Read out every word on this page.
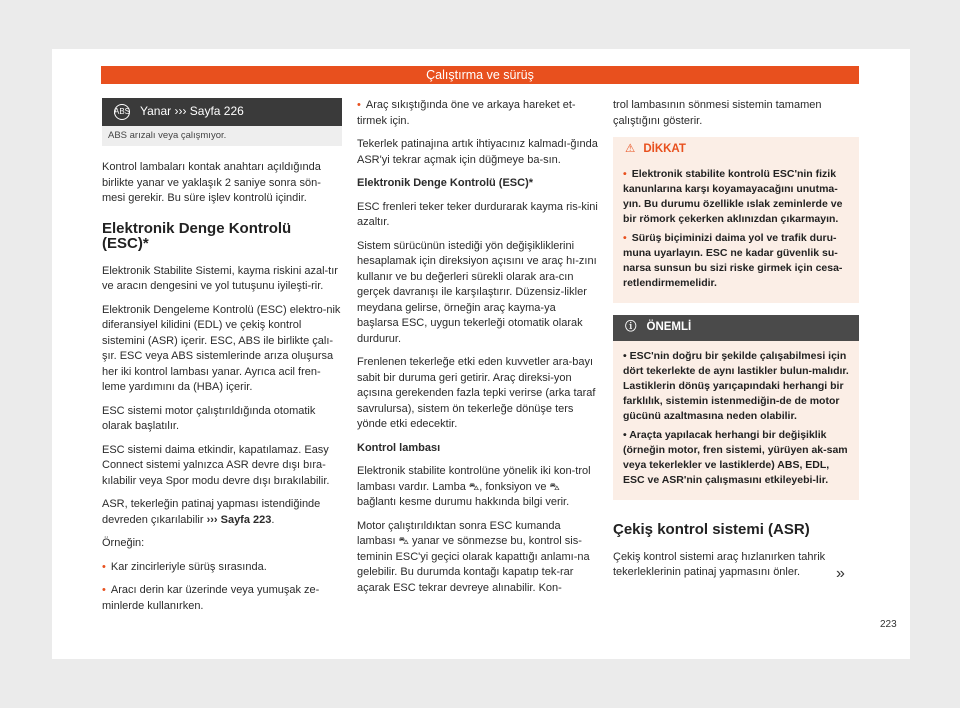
Çalıştırma ve sürüş
ABS Yanar ››› Sayfa 226
ABS arızalı veya çalışmıyor.

Kontrol lambaları kontak anahtarı açıldığında birlikte yanar ve yaklaşık 2 saniye sonra sön-mesi gerekir. Bu süre işlev kontrolü içindir.

Elektronik Denge Kontrolü (ESC)*

Elektronik Stabilite Sistemi, kayma riskini azal-tır ve aracın dengesini ve yol tutuşunu iyileşti-rir.

Elektronik Dengeleme Kontrolü (ESC) elektro-nik diferansiyel kilidini (EDL) ve çekiş kontrol sistemini (ASR) içerir. ESC, ABS ile birlikte çalı-şır. ESC veya ABS sistemlerinde arıza oluşursa her iki kontrol lambası yanar. Ayrıca acil fren-leme yardımını da (HBA) içerir.

ESC sistemi motor çalıştırıldığında otomatik olarak başlatılır.

ESC sistemi daima etkindir, kapatılamaz. Easy Connect sistemi yalnızca ASR devre dışı bıra-kılabilir veya Spor modu devre dışı bırakılabilir.

ASR, tekerleğin patinaj yapması istendiğinde devreden çıkarılabilir ››› Sayfa 223.

Örneğin:

• Kar zincirleriyle sürüş sırasında.

• Aracı derin kar üzerinde veya yumuşak ze-minlerde kullanırken.

• Araç sıkıştığında öne ve arkaya hareket et-tirmek için.

Tekerlek patinajına artık ihtiyacınız kalmadı-ğında ASR'yi tekrar açmak için düğmeye ba-sın.

Elektronik Denge Kontrolü (ESC)*

ESC frenleri teker teker durdurarak kayma ris-kini azaltır.

Sistem sürücünün istediği yön değişikliklerini hesaplamak için direksiyon açısını ve araç hı-zını kullanır ve bu değerleri sürekli olarak ara-cın gerçek davranışı ile karşılaştırır. Düzensiz-likler meydana gelirse, örneğin araç kayma-ya başlarsa ESC, uygun tekerleği otomatik olarak durdurur.

Frenlenen tekerleğe etki eden kuvvetler ara-bayı sabit bir duruma geri getirir. Araç direksi-yon açısına gerekenden fazla tepki verirse (arka taraf savrulursa), sistem ön tekerleğe dönüşe ters yönde etki edecektir.

Kontrol lambası

Elektronik stabilite kontrolüne yönelik iki kon-trol lambası vardır. Lamba ⛍, fonksiyon ve ⛍ bağlantı kesme durumu hakkında bilgi verir.

Motor çalıştırıldıktan sonra ESC kumanda lambası ⛍ yanar ve sönmezse bu, kontrol sis-teminin ESC'yi geçici olarak kapattığı anlamı-na gelebilir. Bu durumda kontağı kapatıp tek-rar açarak ESC tekrar devreye alınabilir. Kon-

trol lambasının sönmesi sistemin tamamen çalıştığını gösterir.

⚠ DİKKAT

• Elektronik stabilite kontrolü ESC'nin fizik kanunlarına karşı koyamayacağını unutma-yın. Bu durumu özellikle ıslak zeminlerde ve bir römork çekerken aklınızdan çıkarmayın.

• Sürüş biçiminizi daima yol ve trafik duru-muna uyarlayın. ESC ne kadar güvenlik su-narsa sunsun bu sizi riske girmek için cesa-retlendirmemelidir.

ⓘ ÖNEMLİ

• ESC'nin doğru bir şekilde çalışabilmesi için dört tekerlekte de aynı lastikler bulun-malıdır. Lastiklerin dönüş yarıçapındaki herhangi bir farklılık, sistemin istenmediğin-de de motor gücünü azaltmasına neden olabilir.

• Araçta yapılacak herhangi bir değişiklik (örneğin motor, fren sistemi, yürüyen ak-sam veya tekerlekler ve lastiklerde) ABS, EDL, ESC ve ASR'nin çalışmasını etkileyebi-lir.

Çekiş kontrol sistemi (ASR)

Çekiş kontrol sistemi araç hızlanırken tahrik tekerleklerinin patinaj yapmasını önler.	»
223
